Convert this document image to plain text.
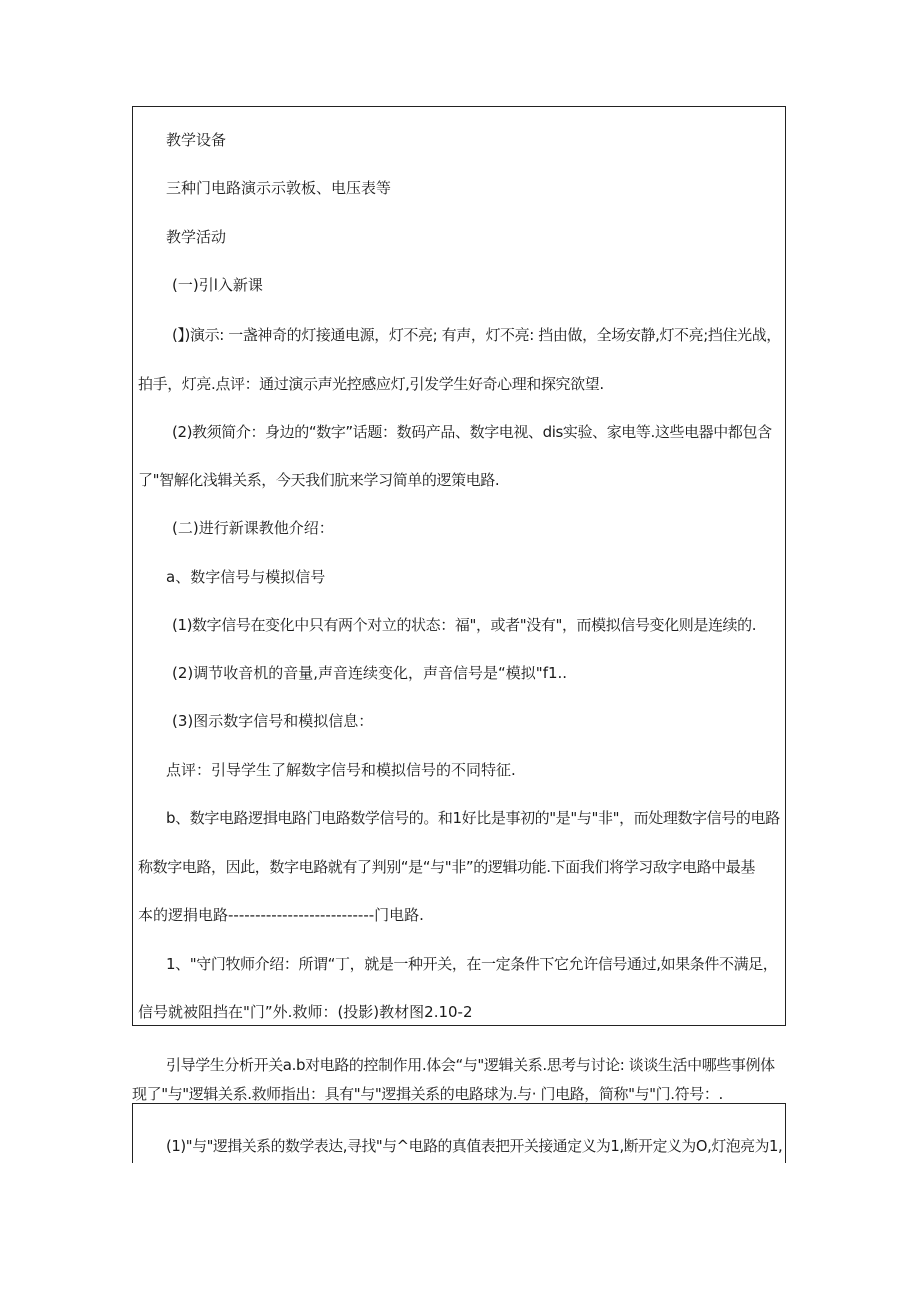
教学设备
三种门电路演示示敦板、电压表等
教学活动
(一)引l入新课
(】)演示: 一盏神奇的灯接通电源，灯不亮; 有声，灯不亮: 挡由做，全场安静,灯不亮;挡住光战，
拍手，灯亮.点评：通过演示声光控感应灯,引发学生好奇心理和探究欲望.
(2)教须简介：身边的“数字”话题：数码产品、数字电视、dis实验、家电等.这些电器中都包含
了"智解化浅辑关系，今天我们肮来学习简单的逻策电路.
(二)进行新课教他介绍：
a、数字信号与模拟信号
(1)数字信号在变化中只有两个对立的状态：福"，或者"没有"，而模拟信号变化则是连续的.
(2)调节收音机的音量,声音连续变化，声音信号是“模拟"f1..
(3)图示数字信号和模拟信息：
点评：引导学生了解数字信号和模拟信号的不同特征.
b、数字电路逻揖电路门电路数学信号的。和1好比是事初的"是"与"非"，而处理数字信号的电路
称数字电路，因此，数字电路就有了判别“是“与"非”的逻辑功能.下面我们将学习敌字电路中最基
本的逻捐电路---------------------------门电路.
1、"守门牧师介绍：所谓“丁，就是一种开关，在一定条件下它允许信号通过,如果条件不满足，
信号就被阻挡在"门”外.救师：(投影)教材图2.10-2
引导学生分析开关a.b对电路的控制作用.体会“与"逻辑关系.思考与讨论: 谈谈生活中哪些事例体
现了"与"逻辑关系.救师指出：具有"与"逻揖关系的电路球为.与· 门电路，简称"与"门.符号：.
(1)"与"逻揖关系的数学表达,寻找"与^电路的真值表把开关接通定义为1,断开定义为O,灯泡亮为1,
